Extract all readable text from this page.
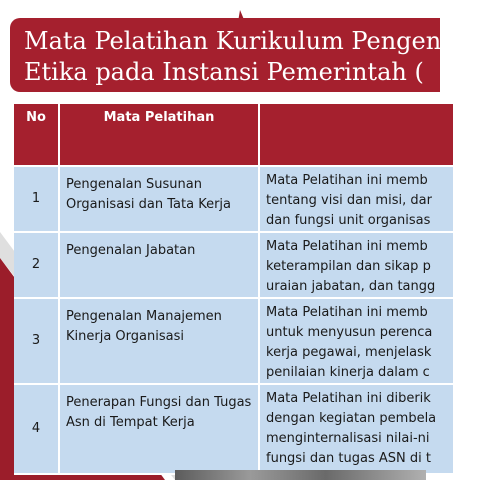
Mata Pelatihan Kurikulum Pengenalan
Etika pada Instansi Pemerintah (
No	Mata Pelatihan	
1	Pengenalan Susunan Organisasi dan Tata Kerja	Mata Pelatihan ini memb
tentang visi dan misi, dar
dan fungsi unit organisas

2	Pengenalan Jabatan	Mata Pelatihan ini memb
keterampilan dan sikap p
uraian jabatan, dan tangg

3	Pengenalan Manajemen Kinerja Organisasi	Mata Pelatihan ini memb
untuk menyusun perenca
kerja pegawai, menjelask
penilaian kinerja dalam c

4	Penerapan Fungsi dan Tugas Asn di Tempat Kerja	Mata Pelatihan ini diberik
dengan kegiatan pembela
menginternalisasi nilai-ni
fungsi dan tugas ASN di t
